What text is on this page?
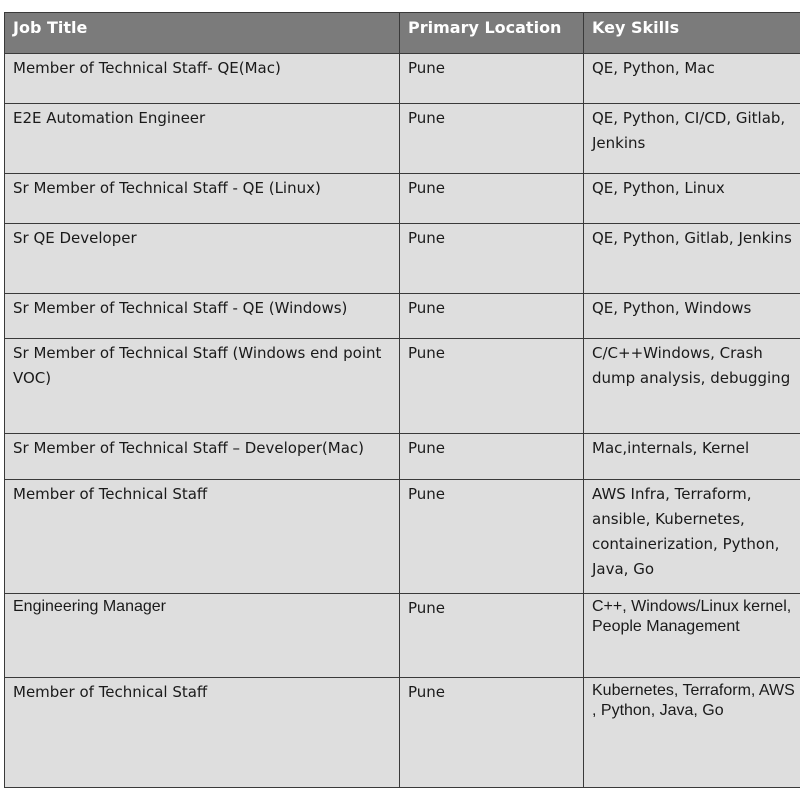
Job Title	Primary Location	Key Skills
Member of Technical Staff- QE(Mac)	Pune	QE, Python, Mac
E2E Automation Engineer	Pune	QE, Python, CI/CD, Gitlab, Jenkins
Sr Member of Technical Staff - QE (Linux)	Pune	QE, Python, Linux
Sr QE Developer	Pune	QE, Python, Gitlab, Jenkins
Sr Member of Technical Staff - QE (Windows)	Pune	QE, Python, Windows
Sr Member of Technical Staff (Windows end point VOC)	Pune	C/C++Windows, Crash dump analysis, debugging
Sr Member of Technical Staff – Developer(Mac)	Pune	Mac,internals, Kernel
Member of Technical Staff	Pune	AWS Infra, Terraform, ansible, Kubernetes, containerization, Python, Java, Go
Engineering Manager	Pune	C++, Windows/Linux kernel, People Management
Member of Technical Staff	Pune	Kubernetes, Terraform, AWS , Python, Java, Go
